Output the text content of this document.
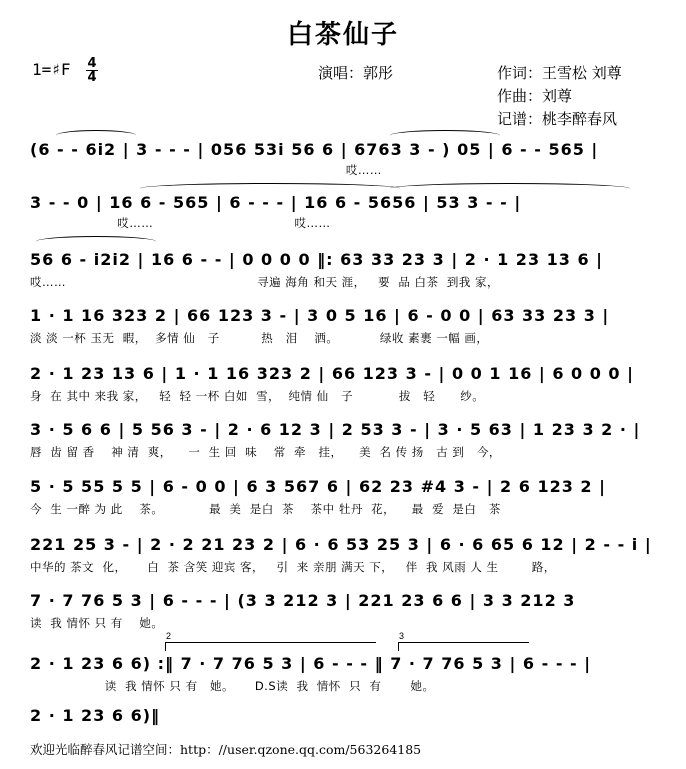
白茶仙子
演唱：郭彤	作词：王雪松 刘尊
作曲：刘尊
记谱：桃李醉春风
1=♯F 4
4
2	3
(6 - - 6i2 | 3 - - - | 056 53i 56 6 | 6763 3 - ) 05 | 6 - - 565 |
哎……
3 - - 0 | 16 6 - 565 | 6 - - - | 16 6 - 5656 | 53 3 - - |
哎……                                  哎……
56 6 - i2i2 | 16 6 - - | 0 0 0 0 ‖: 63 33 23 3 | 2 · 1 23 13 6 |
哎……                                              寻遍 海角 和天 涯，   要  品 白茶  到我 家，
1 · 1 16 323 2 | 66 123 3 - | 3 0 5 16 | 6 - 0 0 | 63 33 23 3 |
淡 淡 一杯 玉无  暇，  多情 仙   子          热   泪    洒。          绿收 素裹 一幅 画，
2 · 1 23 13 6 | 1 · 1 16 323 2 | 66 123 3 - | 0 0 1 16 | 6 0 0 0 |
身  在 其中 来我 家，   轻  轻 一杯 白如  雪，  纯情 仙   子           拔   轻      纱。
3 · 5 6 6 | 5 56 3 - | 2 · 6 12 3 | 2 53 3 - | 3 · 5 63 | 1 23 3 2 · |
唇  齿 留 香    神 清  爽，    一  生 回  味    常  牵   挂，    美  名 传 扬   古 到   今，
5 · 5 55 5 5 | 6 - 0 0 | 6 3 567 6 | 62 23 #4 3 - | 2 6 123 2 |
今  生 一醉 为 此    茶。           最  美  是白  茶    茶中 牡丹  花，    最  爱  是白   茶
221 25 3 - | 2 · 2 21 23 2 | 6 · 6 53 25 3 | 6 · 6 65 6 12 | 2 - - i |
中华的 茶文  化，     白  茶 含笑 迎宾 客，   引  来 亲朋 满天 下，   伴  我 风雨 人 生        路，
7 · 7 76 5 3 | 6 - - - | (3 3 212 3 | 221 23 6 6 | 3 3 212 3
读  我 情怀 只 有    她。
2 · 1 23 6 6) :‖ 7 · 7 76 5 3 | 6 - - - ‖ 7 · 7 76 5 3 | 6 - - - |
读  我 情怀 只 有   她。     D.S读  我  情怀  只  有       她。
2 · 1 23 6 6)‖
欢迎光临醉春风记谱空间：http：//user.qzone.qq.com/563264185
